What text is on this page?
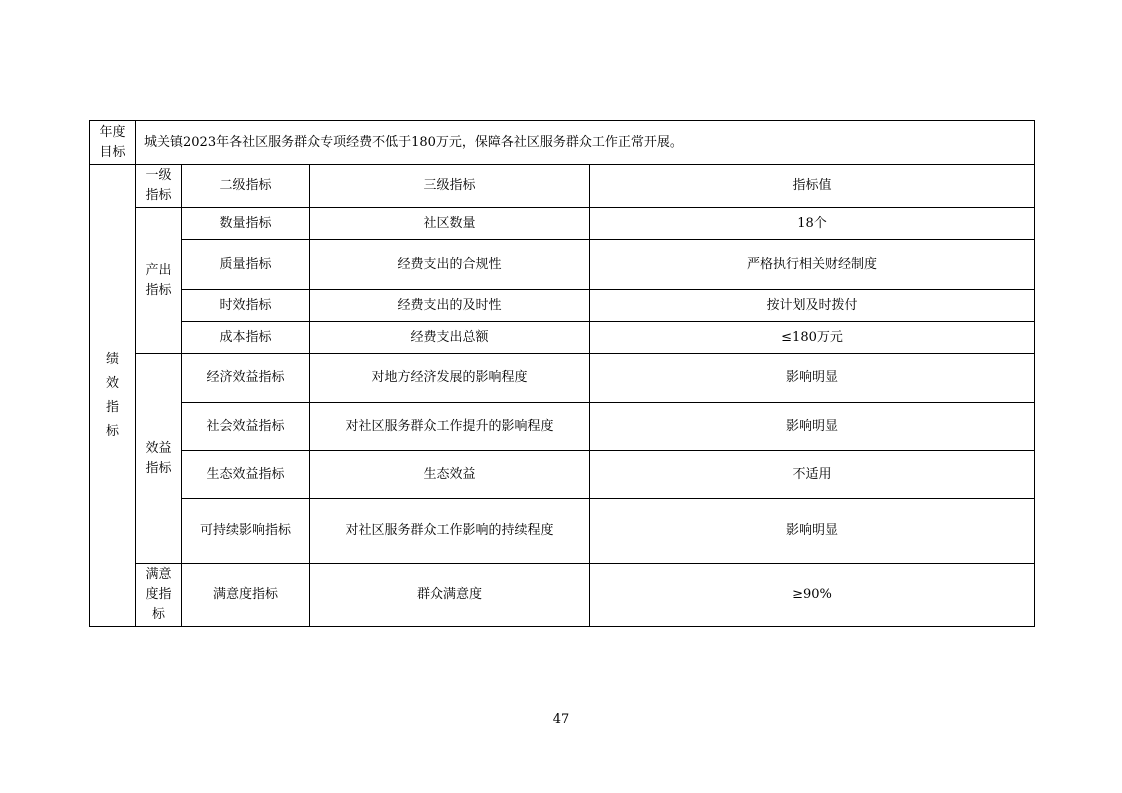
年度目标	城关镇2023年各社区服务群众专项经费不低于180万元，保障各社区服务群众工作正常开展。			
绩效指标	一级指标	二级指标	三级指标	指标值
	产出指标	数量指标	社区数量	18个
		质量指标	经费支出的合规性	严格执行相关财经制度
		时效指标	经费支出的及时性	按计划及时拨付
		成本指标	经费支出总额	≤180万元
	效益指标	经济效益指标	对地方经济发展的影响程度	影响明显
		社会效益指标	对社区服务群众工作提升的影响程度	影响明显
		生态效益指标	生态效益	不适用
		可持续影响指标	对社区服务群众工作影响的持续程度	影响明显
	满意度指标	满意度指标	群众满意度	≥90%
47
